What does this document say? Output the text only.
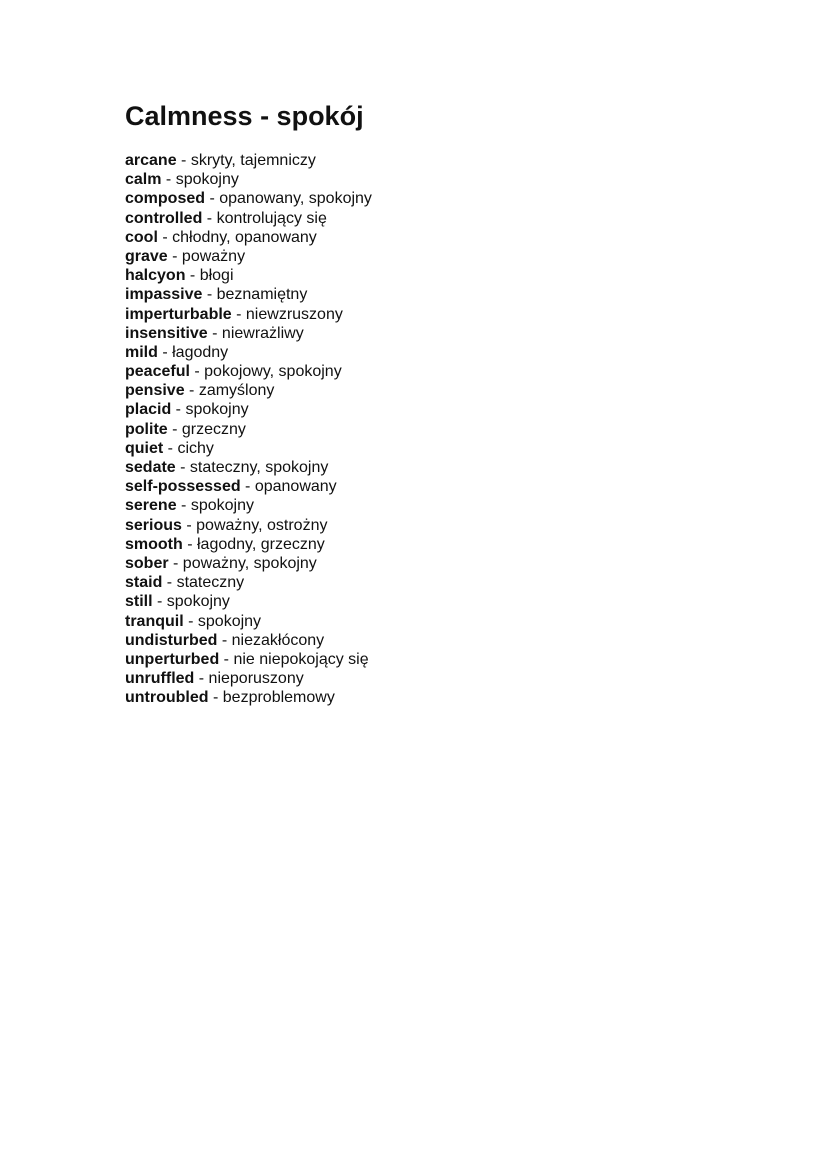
Calmness - spokój
arcane - skryty, tajemniczy
calm - spokojny
composed - opanowany, spokojny
controlled - kontrolujący się
cool - chłodny, opanowany
grave - poważny
halcyon - błogi
impassive - beznamiętny
imperturbable - niewzruszony
insensitive - niewrażliwy
mild - łagodny
peaceful - pokojowy, spokojny
pensive - zamyślony
placid - spokojny
polite - grzeczny
quiet - cichy
sedate - stateczny, spokojny
self-possessed - opanowany
serene - spokojny
serious - poważny, ostrożny
smooth - łagodny, grzeczny
sober - poważny, spokojny
staid - stateczny
still - spokojny
tranquil - spokojny
undisturbed - niezakłócony
unperturbed - nie niepokojący się
unruffled - nieporuszony
untroubled - bezproblemowy
